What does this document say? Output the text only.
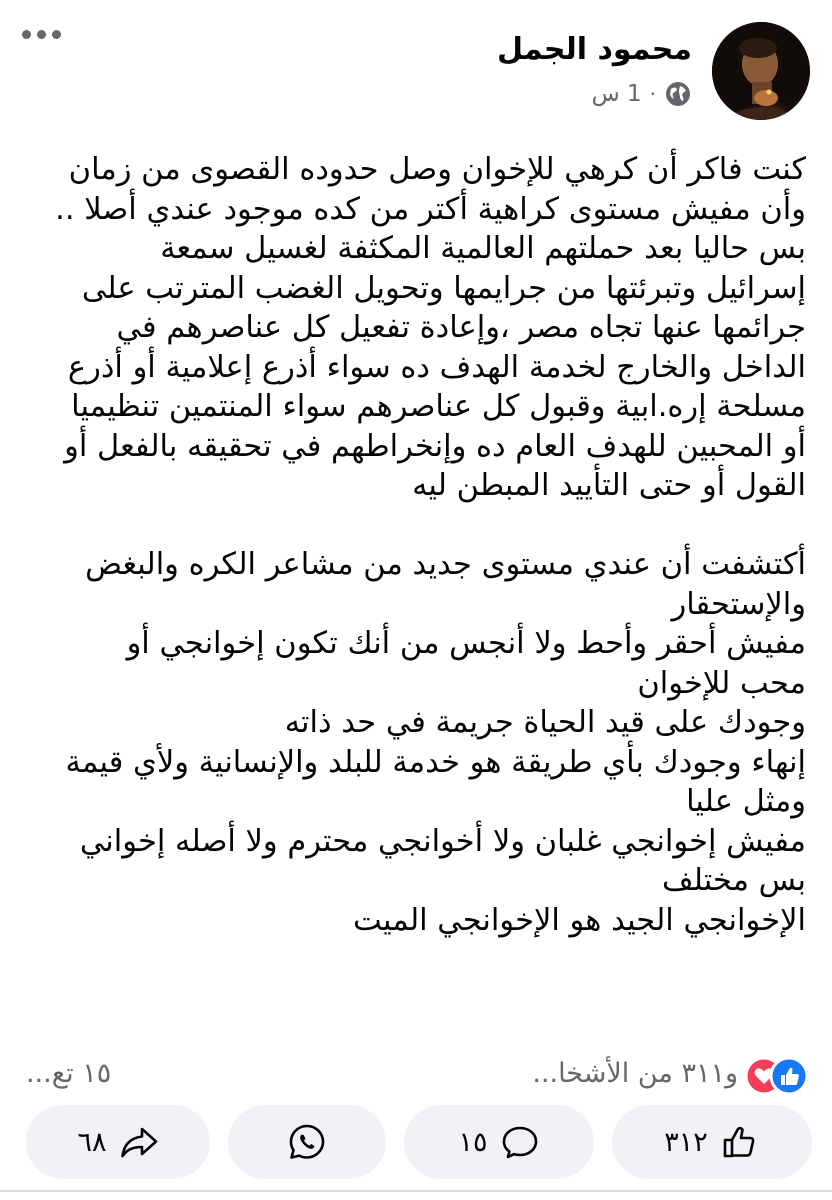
محمود الجمل
1 س ·
كنت فاكر أن كرهي للإخوان وصل حدوده القصوى من زمان
وأن مفيش مستوى كراهية أكتر من كده موجود عندي أصلا ..
بس حاليا بعد حملتهم العالمية المكثفة لغسيل سمعة
إسرائيل وتبرئتها من جرايمها وتحويل الغضب المترتب على
جرائمها عنها تجاه مصر ،وإعادة تفعيل كل عناصرهم في
الداخل والخارج لخدمة الهدف ده سواء أذرع إعلامية أو أذرع
مسلحة إره.ابية وقبول كل عناصرهم سواء المنتمين تنظيميا
أو المحبين للهدف العام ده وإنخراطهم في تحقيقه بالفعل أو
القول أو حتى التأييد المبطن ليه
أكتشفت أن عندي مستوى جديد من مشاعر الكره والبغض
والإستحقار
مفيش أحقر وأحط ولا أنجس من أنك تكون إخوانجي أو
محب للإخوان
وجودك على قيد الحياة جريمة في حد ذاته
إنهاء وجودك بأي طريقة هو خدمة للبلد والإنسانية ولأي قيمة
ومثل عليا
مفيش إخوانجي غلبان ولا أخوانجي محترم ولا أصله إخواني
بس مختلف
الإخوانجي الجيد هو الإخوانجي الميت
و٣١١ من الأشخا...
١٥ تع...
٣١٢
١٥
٦٨
